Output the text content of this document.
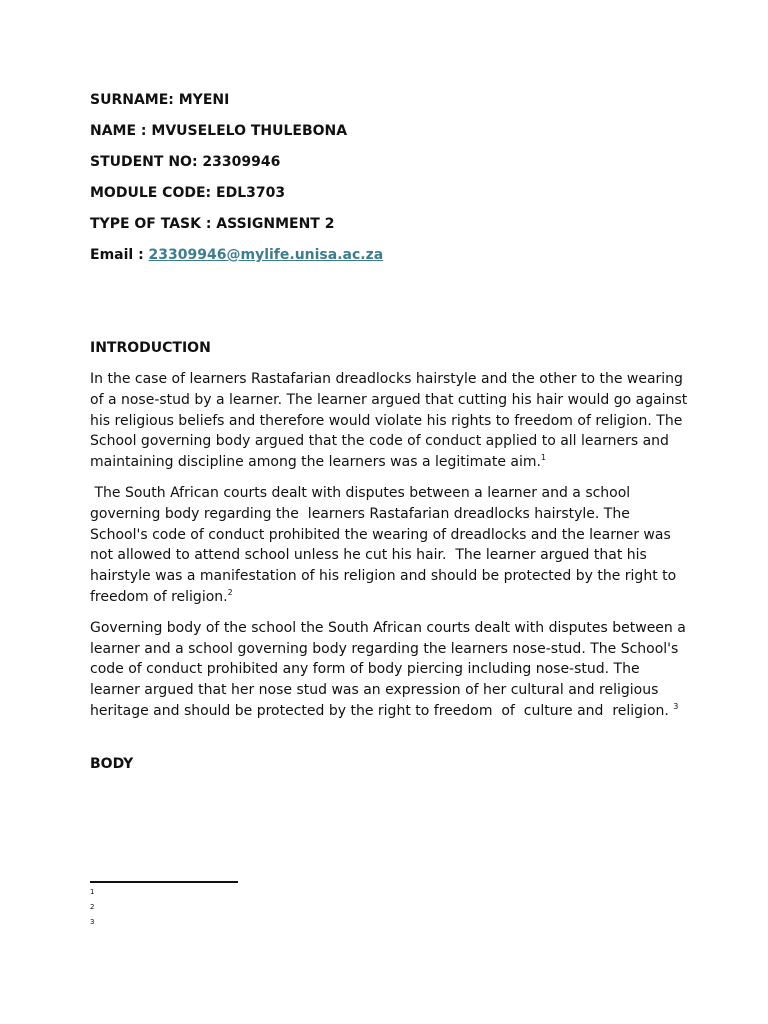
SURNAME: MYENI
NAME : MVUSELELO THULEBONA
STUDENT NO: 23309946
MODULE CODE: EDL3703
TYPE OF TASK : ASSIGNMENT 2
Email : 23309946@mylife.unisa.ac.za
INTRODUCTION

In the case of learners Rastafarian dreadlocks hairstyle and the other to the wearing of a nose-stud by a learner. The learner argued that cutting his hair would go against his religious beliefs and therefore would violate his rights to freedom of religion. The School governing body argued that the code of conduct applied to all learners and maintaining discipline among the learners was a legitimate aim.$^1$

The South African courts dealt with disputes between a learner and a school governing body regarding the  learners Rastafarian dreadlocks hairstyle. The School's code of conduct prohibited the wearing of dreadlocks and the learner was not allowed to attend school unless he cut his hair.  The learner argued that his hairstyle was a manifestation of his religion and should be protected by the right to freedom of religion.$^2$

Governing body of the school the South African courts dealt with disputes between a learner and a school governing body regarding the learners nose-stud. The School's code of conduct prohibited any form of body piercing including nose-stud. The learner argued that her nose stud was an expression of her cultural and religious heritage and should be protected by the right to freedom  of  culture and  religion. $^3$

BODY
1
2
3
